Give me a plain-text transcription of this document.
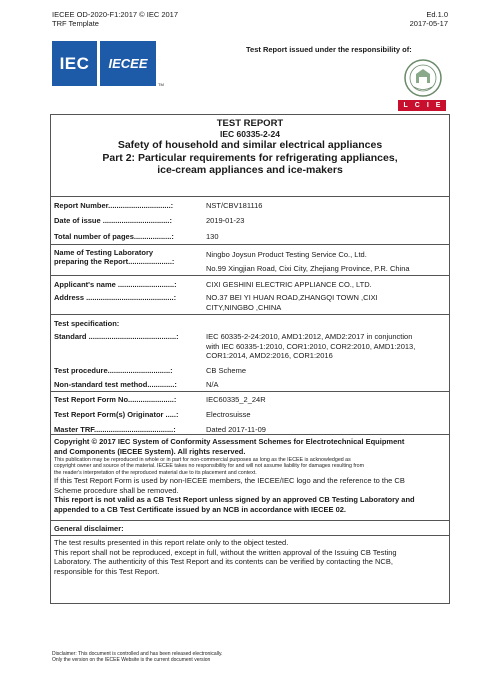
IECEE OD-2020-F1:2017 © IEC 2017
TRF Template
Ed.1.0
2017-05-17
IEC	IECEE
TM
Test Report issued under the responsibility of:
L C I E
TEST REPORT
IEC 60335-2-24
Safety of household and similar electrical appliances
Part 2: Particular requirements for refrigerating appliances,
ice-cream appliances and ice-makers
Report Number..............................:	NST/CBV181116
Date of issue ................................:	2019-01-23
Total number of pages..................:	130
Name of Testing Laboratory
preparing the Report.....................:
Ningbo Joysun Product Testing Service Co., Ltd.
No.99 Xingjian Road, Cixi City, Zhejiang Province, P.R. China
Applicant's name ...........................:	CIXI GESHINI ELECTRIC APPLIANCE CO., LTD.
Address ..........................................:	NO.37 BEI YI HUAN ROAD,ZHANGQI TOWN ,CIXI
CITY,NINGBO ,CHINA
Test specification:
Standard ..........................................:	IEC 60335-2-24:2010, AMD1:2012, AMD2:2017 in conjunction
with IEC 60335-1:2010, COR1:2010, COR2:2010, AMD1:2013,
COR1:2014, AMD2:2016, COR1:2016
Test procedure..............................:	CB Scheme
Non-standard test method.............:	N/A
Test Report Form No......................:	IEC60335_2_24R
Test Report Form(s) Originator .....:	Electrosuisse
Master TRF......................................:	Dated 2017-11-09
Copyright © 2017 IEC System of Conformity Assessment Schemes for Electrotechnical Equipment
and Components (IECEE System). All rights reserved.
This publication may be reproduced in whole or in part for non-commercial purposes as long as the IECEE is acknowledged as
copyright owner and source of the material. IECEE takes no responsibility for and will not assume liability for damages resulting from
the reader's interpretation of the reproduced material due to its placement and context.
If this Test Report Form is used by non-IECEE members, the IECEE/IEC logo and the reference to the CB
Scheme procedure shall be removed.
This report is not valid as a CB Test Report unless signed by an approved CB Testing Laboratory and
appended to a CB Test Certificate issued by an NCB in accordance with IECEE 02.
General disclaimer:
The test results presented in this report relate only to the object tested.
This report shall not be reproduced, except in full, without the written approval of the Issuing CB Testing
Laboratory. The authenticity of this Test Report and its contents can be verified by contacting the NCB,
responsible for this Test Report.
Disclaimer: This document is controlled and has been released electronically.
Only the version on the IECEE Website is the current document version
